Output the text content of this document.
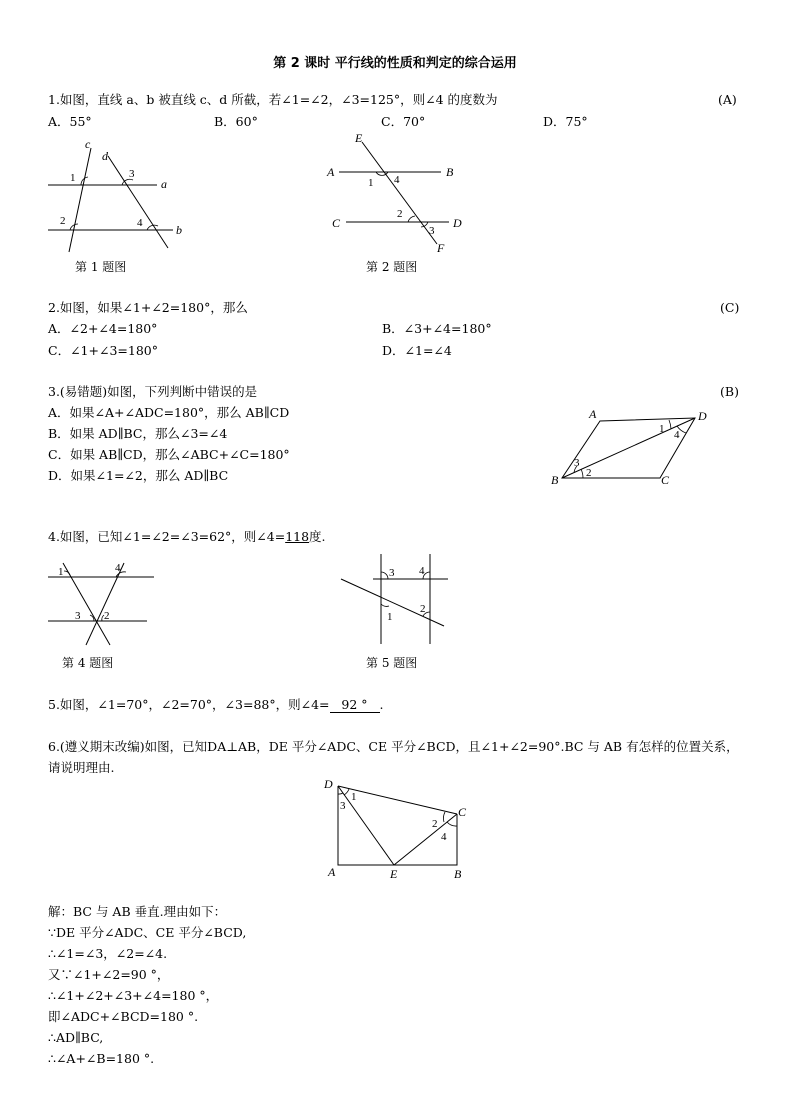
第 2 课时 平行线的性质和判定的综合运用
1.如图，直线 a、b 被直线 c、d 所截，若∠1=∠2，∠3=125°，则∠4 的度数为	(A)
A．55°	B．60°	C．70°	D．75°
c
d
a
b
1
2
3
4
第 1 题图
E
A	B
C	D
F
1 4
2
3
第 2 题图
2.如图，如果∠1+∠2=180°，那么	(C)
A．∠2+∠4=180°	B．∠3+∠4=180°
C．∠1+∠3=180°	D．∠1=∠4
3.(易错题)如图，下列判断中错误的是	(B)
A．如果∠A+∠ADC=180°，那么 AB∥CD
B．如果 AD∥BC，那么∠3=∠4
C．如果 AB∥CD，那么∠ABC+∠C=180°
D．如果∠1=∠2，那么 AD∥BC
A	D
B	C
1 4
3
2
4.如图，已知∠1=∠2=∠3=62°，则∠4=118度.
1	4
3 2
第 4 题图
3 4
1
2
第 5 题图
5.如图，∠1=70°，∠2=70°，∠3=88°，则∠4= 92 ° .
6.(遵义期末改编)如图，已知DA⊥AB，DE 平分∠ADC、CE 平分∠BCD，且∠1+∠2=90°.BC 与 AB 有怎样的位置关系，
请说明理由.
D
C
A	E	B
1
3
2
4
解：BC 与 AB 垂直.理由如下：
∵DE 平分∠ADC、CE 平分∠BCD,
∴∠1=∠3，∠2=∠4.
又∵∠1+∠2=90 °，
∴∠1+∠2+∠3+∠4=180 °，
即∠ADC+∠BCD=180 °.
∴AD∥BC,
∴∠A+∠B=180 °.
